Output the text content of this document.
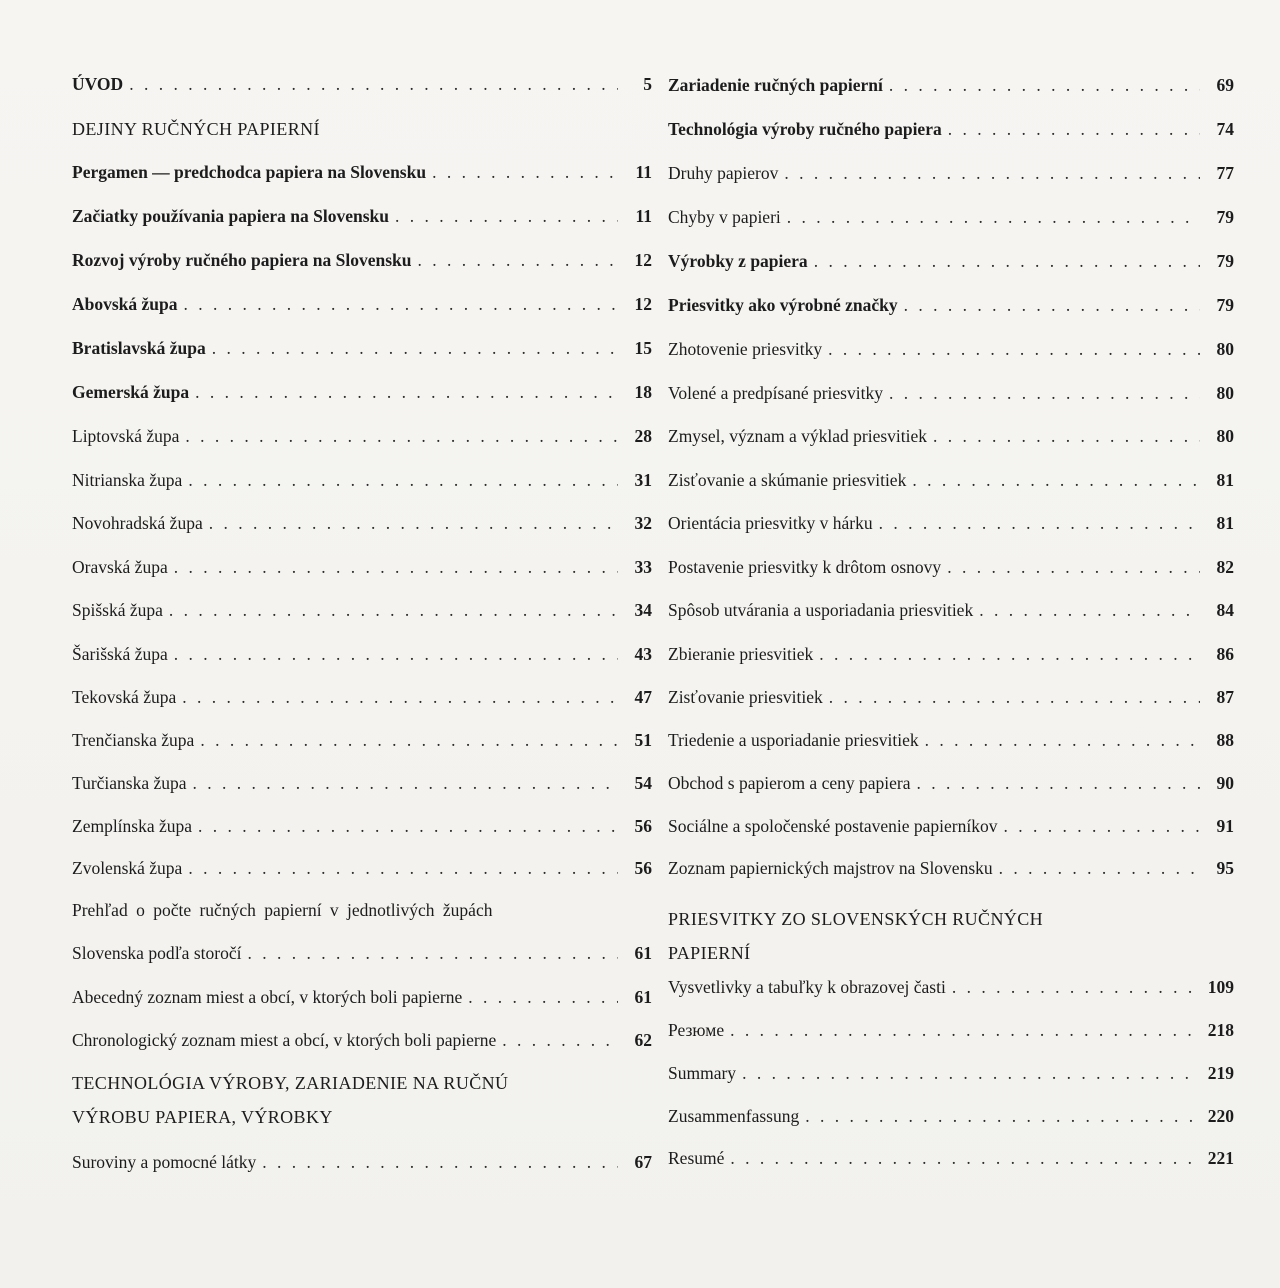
ÚVOD . . .	5
DEJINY RUČNÝCH PAPIERNÍ
Pergamen — predchodca papiera na Slovensku . . .	11
Začiatky používania papiera na Slovensku . . .	11
Rozvoj výroby ručného papiera na Slovensku . . .	12
Abovská župa . . .	12
Bratislavská župa . . .	15
Gemerská župa . . .	18
Liptovská župa . . .	28
Nitrianska župa . . .	31
Novohradská župa . . .	32
Oravská župa . . .	33
Spišská župa . . .	34
Šarišská župa . . .	43
Tekovská župa . . .	47
Trenčianska župa . . .	51
Turčianska župa . . .	54
Zemplínska župa . . .	56
Zvolenská župa . . .	56
Prehľad o počte ručných papierní v jednotlivých župách
Slovenska podľa storočí . . .	61
Abecedný zoznam miest a obcí, v ktorých boli papierne . . .	61
Chronologický zoznam miest a obcí, v ktorých boli papierne . . .	62
TECHNOLÓGIA VÝROBY, ZARIADENIE NA RUČNÚ
VÝROBU PAPIERA, VÝROBKY
Suroviny a pomocné látky . . .	67
Zariadenie ručných papierní . . .	69
Technológia výroby ručného papiera . . .	74
Druhy papierov . . .	77
Chyby v papieri . . .	79
Výrobky z papiera . . .	79
Priesvitky ako výrobné značky . . .	79
Zhotovenie priesvitky . . .	80
Volené a predpísané priesvitky . . .	80
Zmysel, význam a výklad priesvitiek . . .	80
Zisťovanie a skúmanie priesvitiek . . .	81
Orientácia priesvitky v hárku . . .	81
Postavenie priesvitky k drôtom osnovy . . .	82
Spôsob utvárania a usporiadania priesvitiek . . .	84
Zbieranie priesvitiek . . .	86
Zisťovanie priesvitiek . . .	87
Triedenie a usporiadanie priesvitiek . . .	88
Obchod s papierom a ceny papiera . . .	90
Sociálne a spoločenské postavenie papierníkov . . .	91
Zoznam papiernických majstrov na Slovensku . . .	95
PRIESVITKY ZO SLOVENSKÝCH RUČNÝCH
PAPIERNÍ
Vysvetlivky a tabuľky k obrazovej časti . . .	109
Резюме . . .	218
Summary . . .	219
Zusammenfassung . . .	220
Resumé . . .	221
